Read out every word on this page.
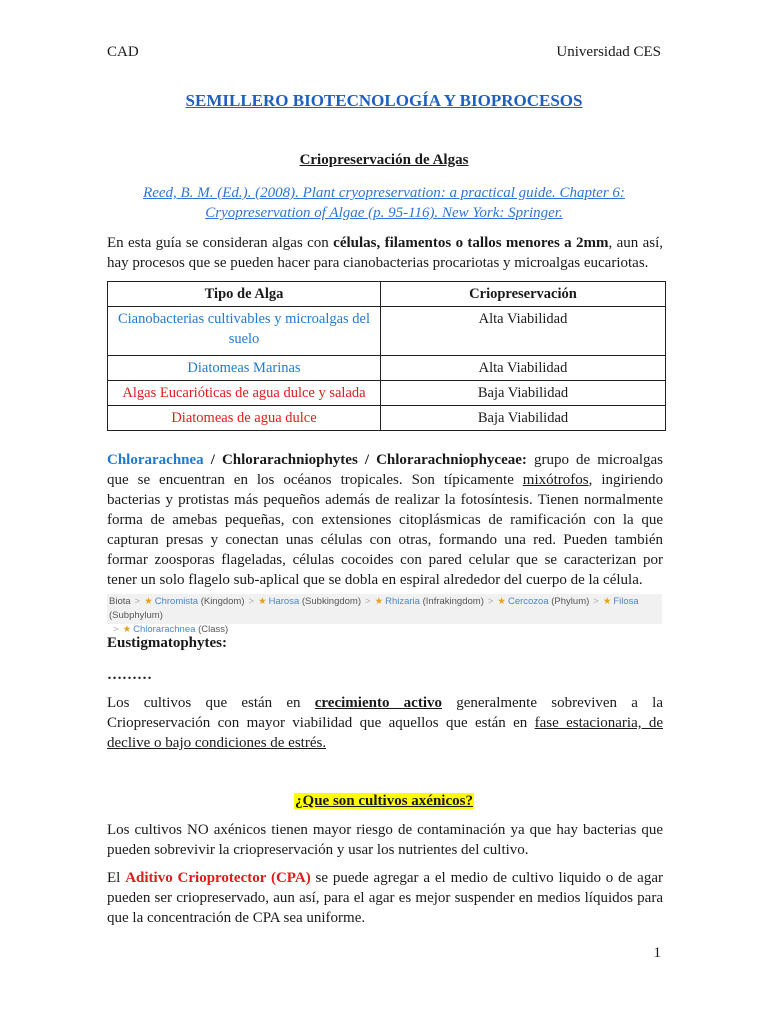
CAD	Universidad CES
SEMILLERO BIOTECNOLOGÍA Y BIOPROCESOS
Criopreservación de Algas
Reed, B. M. (Ed.). (2008). Plant cryopreservation: a practical guide. Chapter 6: Cryopreservation of Algae (p. 95-116). New York: Springer.
En esta guía se consideran algas con células, filamentos o tallos menores a 2mm, aun así, hay procesos que se pueden hacer para cianobacterias procariotas y microalgas eucariotas.
Tipo de Alga	Criopreservación
Cianobacterias cultivables y microalgas del suelo	Alta Viabilidad
Diatomeas Marinas	Alta Viabilidad
Algas Eucarióticas de agua dulce y salada	Baja Viabilidad
Diatomeas de agua dulce	Baja Viabilidad
Chlorarachnea / Chlorarachniophytes / Chlorarachniophyceae: grupo de microalgas que se encuentran en los océanos tropicales. Son típicamente mixótrofos, ingiriendo bacterias y protistas más pequeños además de realizar la fotosíntesis. Tienen normalmente forma de amebas pequeñas, con extensiones citoplásmicas de ramificación con la que capturan presas y conectan unas células con otras, formando una red. Pueden también formar zoosporas flageladas, células cocoides con pared celular que se caracterizan por tener un solo flagelo sub-aplical que se dobla en espiral alrededor del cuerpo de la célula.
Biota > ★ Chromista (Kingdom) > ★ Harosa (Subkingdom) > ★ Rhizaria (Infrakingdom) > ★ Cercozoa (Phylum) > ★ Filosa (Subphylum)
> ★ Chlorarachnea (Class)
Eustigmatophytes:
………
Los cultivos que están en crecimiento activo generalmente sobreviven a la Criopreservación con mayor viabilidad que aquellos que están en fase estacionaria, de declive o bajo condiciones de estrés.
¿Que son cultivos axénicos?
Los cultivos NO axénicos tienen mayor riesgo de contaminación ya que hay bacterias que pueden sobrevivir la criopreservación y usar los nutrientes del cultivo.
El Aditivo Crioprotector (CPA) se puede agregar a el medio de cultivo liquido o de agar pueden ser criopreservado, aun así, para el agar es mejor suspender en medios líquidos para que la concentración de CPA sea uniforme.
1
